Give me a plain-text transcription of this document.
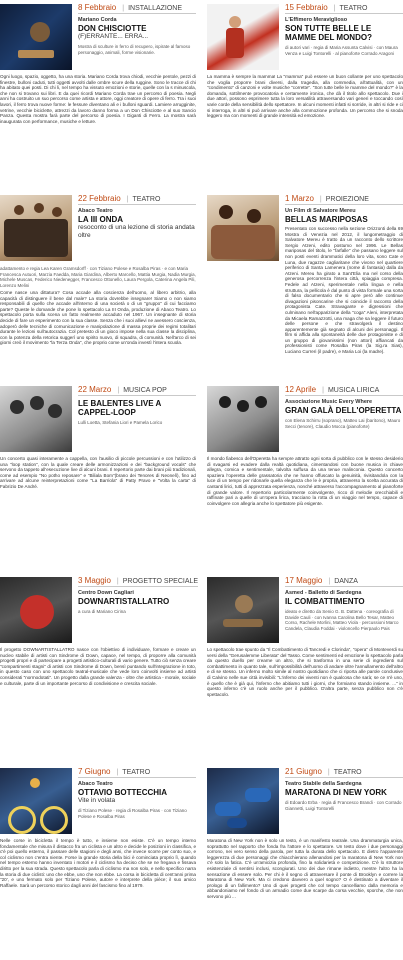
8 Febbraio | INSTALLAZIONE
Mariano Corda
DON CHISCIOTTE
(F)ERRANTE... ERRA...
Mostra di sculture in ferro di recupero, ispirate al famoso personaggio, animali, forme visionarie.
Ogni luogo, spazio, oggetto, ha una storia. Mariano Corda trova chiodi, vecchie pentole, pezzi di finestre, bulloni caduti, tutti oggetti avvolti dalle ombre scure della ruggine. Sono le tracce di chi ha abitato quei posti. Di chi li, nel tempo ha vissuto emozioni e storie, quelle con la s minuscola, che non si trovano sui libri. E da quei ricordi Mariano Corda trae un percorso di poesia. Negli anni ha costruito un suo percorso come artista e attore, oggi creatore di opere di ferro. Tra i suoi lavori, il ferro trova nuove forme: le fessure diventano ali e i bulloni sguardi. Lamiere arrugginite, vetrine, vecchie biciclette, attrezzi da lavoro danno forma a un Don Chisciotte e al suo Sancio Panza. Questa mostra farà parte del percorso di poesia. I Giganti di Ferro. La mostra sarà inaugurata con performance, musiche e letture.
15 Febbraio | TEATRO
L'Effimero Meraviglioso
SON TUTTE BELLE LE MAMME DEL MONDO?
di autori vari · regia di Maria Assunta Calvisi · con Maura Venza e Luigi Tontorelli · al pianoforte Corrado Aragoni
La mamma è sempre la mamma! La "mamma" può essere un buon collante per uno spettacolo che voglia proporre brani diversi, dalla tragedia, alla commedia, all'attualità, con un "condimento" di canzoni e volte musiche "corrette". "Son tutte belle le mamme del mondo?" è la domanda, sottilmente provocatoria e certamente ironica, che dà il titolo allo spettacolo. Due i due attori, possono esprimere tutta la loro versatilità attraversando vari generi e toccando così varie corde della sensibilità dello spettatore. In alcuni momenti infatti si sorride, in altri si ride e ci si interroga, in altri si può arrivare anche alla commozione profonda. Un percorso che si snoda leggero ma con momenti di grande intensità ed emozione.
22 Febbraio | TEATRO
Abaco Teatro
LA III ONDA
resoconto di una lezione di storia andata oltre
adattamento e regia Lea Karen Gramsdorff · con Tiziano Polese e Rosalba Piras · e con Maria Francesca Autuori, Marzia Faedda, Maria Giardina, Alberto Marcello, Mattia Murgia, Nadia Murgia, Michele Muscas, Federico Niedenegger, Francesco Ottonello, Laura Pergola, Caterina Angela Pili, Lorenzo Melini
Come nasce una dittatura? Cosa accade alla coscienza dell'uomo, al libero arbitrio, alla capacità di distinguere il bene dal male? La storia dovrebbe insegnare! Siamo o non siamo responsabili di quello che accade all'interno di una società o di un "gruppo" di cui facciamo parte? Queste le domande che pone lo spettacolo La III Onda, produzione di Abaco Teatro. Lo spettacolo porta sulla scena un fatto realmente accaduto nel 1967. Un insegnante di storia decide di fare un esperimento con la sua classe. Senza che i suoi allievi ne avessero coscienza, adoperò delle tecniche di comunicazione e manipolazione di massa proprie dei regimi totalitari durante le lezioni sull'autocrazia. Col pretesto di un gioco impose nella sua classe la disciplina, con la potenza della retorica suggerì uno spirito nuovo, di squadra, di comunità. Nell'arco di sei giorni creò il movimento "la Terza Onda", che proprio come un'onda investì l'intera scuola.
1 Marzo | PROIEZIONE
Un Film di Salvatore Mereu
BELLAS MARIPOSAS
Presentato con successo nella sezione Orizzonti della 69 Mostra di Venezia nel 2012, il lungometraggio di Salvatore Mereu è tratto da un racconto dello scrittore Sergio Atzeni, edito postumo nel 1996. Le Bellas mariposas del titolo, le "farfalle" che passano leggere sul non posti eventi drammatici della loro vita, sono Cate e Luna, due ragazze cagliaritane che vivono nel quartiere periferico di Santa Lamenera (nome di fantasia) dalla da Atzeni. Mereu ha girato a Sant'Elia ma nel corso della generosa percorrenza l'intera città, spiaggia compresa. Fedele ad Atzeni, sperimentale nella lingua e nella struttura, la pellicola è dal punto di vista formale una sorta di falso documentario che si apre però alle continue divagazioni pisoncarine che si coincide il racconto della protagonista Cate. Stravagante e digressioni che culminano nell'apparizione della "coga" Aleni, interpretata da Micaela Ramazzotti, una maga che sa leggere il futuro delle persone e che stravolgerà il destino apparentemente già segnato di alcuni dei personaggi. Il film si affida alla spontaneità delle due protagoniste e di un gruppo di giovanissimi (non attori) affiancati da professionisti come Rosalba Piras (la Sig.ra Sias), Luciano Curreri (il padre), e Maria Loi (la madre).
22 Marzo | MUSICA POP
LE BALENTES LIVE A CAPPEL-LOOP
Lulli Loetta, Stefania Liori e Pamela Lorico
Un concerto quasi interamente a cappella, con l'ausilio di piccole percussioni e con l'utilizzo di una "loop station", con la quale creare delle armonizzazioni e dei "background vocals" che servono da tappeto all'esecuzione live di alcuni brani. Il repertorio parte dai brani più tradizionali, come ad esempio "No potho reposare" e "Biliala Bom"(brano dei Tenores di Neonelì), fino ad arrivare ad alcune reinterpretazioni come "La Barriola" di Patty Pravo e "Volta la carta" di Fabrizio De André.
12 Aprile | MUSICA LIRICA
Associazione Music Every Where
GRAN GALÀ DELL'OPERETTA
con Elena Schirru (soprano), Matteo Lai (baritono), Mauro Secci (tenore), Claudio Mocca (pianoforte)
Il mondo fiabesco dell'Operetta ha sempre attratto ogni sorta di pubblico con le stesso desiderio di svagarsi ed evadere dalla realtà quotidiana, cimentandosi con buone musica in chiave allegra, comica e sentimentale, talvolta suffusa da una tenue malinconia. Questo concerto spaziera l'operetta delle grassatoria che ne hanno offuscato la genuinità, rivisitandola con la luce di un tempo per ridonarle quella eleganza che le è propria, attraverso la scelta accurata di cantanti lirici, tutti di apprezzata esperienza, nonché attraverso l'accompagnamento al pianoforte di grande valore. Il repertorio particolarmente coinvolgente, ricco di melodie orecchiabili e raffinate pari a quelle di un'opera lirica, tracciano la rotta di un viaggio nel tempo, capace di coinvolgere con allegria anche lo spettatore più esigente.
3 Maggio | PROGETTO SPECIALE
Centro Down Cagliari
DOWNARTISTALLATRO
a cura di Mariano Cirina
Il progetto DOWNARTISTALLATRO nasce con l'obiettivo di individuare, formare e creare un nucleo stabile di artisti con Sindrome di Down, capace, nel tempo, di proporre alla comunità progetti propri e di partecipare a progetti artistico-culturali di vario genere. Tutto ciò senza creare "compartimenti stagni" di artisti con Sindrome di Down, bensì puntando sull'integrazione in toto, in questo caso con uno spettacolo teatral-musicale che vede loro coinvolti insieme ad artisti considerati "normodotati". Un progetto dalla grande valenza - oltre che artistica - morale, sociale e culturale, parte di un importante percorso di condivisione e crescita sociale.
17 Maggio | DANZA
Asmed - Balletto di Sardegna
IL COMBATTIMENTO
ideato e diretto da Senio G. B. Dattena · coreografia di Davide Cauli · con Ivanna Carolina Bello Tesar, Matteo Corso, Rachele Morlini, Matteo Viola · percussioni Marco Candela, Claudia Foddai · violoncello Pierpaolo Pais
Lo spettacolo trae spunto da "Il Combattimento di Tancredi e Clorinda", "opera" di Monteverdi su versi della "Gerusalemme Liberata" del Tasso. Come sentimenti ed emozione lo spettacolo parla da questo duello per crearne un altro, che si trasforma in una serie di ingredienti sul combattimento in quanto tale, sull'impossibilità dell'uomo di andare oltre l'annullamento dell'altro e di se stesso. Un inferno molto simile al nostro quotidiano che ci riporta alle parole conclusive di Calvino nelle sue città invisibili: "L'inferno dei viventi non è qualcosa che sarà; se ce n'è uno, è quello che è già qui, l'inferno che abitiamo tutti i giorni, che formiamo stando insieme. ..." in questo inferno c'è un ruolo anche per il pubblico. D'altra parte, senza pubblico non c'è spettacolo.
7 Giugno | TEATRO
Abaco Teatro
OTTAVIO BOTTECCHIA
Vite in volata
di Tiziano Polese · regia di Rosalba Piras · con Tiziano Polese e Rosalba Piras
Nelle corse in bicicletta il tempo è tutto, e insieme non esiste. C'è un tempo interno fondamentale che misura il distacco fra un ciclista e un altro e decide le posizioni in classifica, e c'è poi quello esterno, il passare delle stagioni e degli anni, che invece scorre per conto suo, e col ciclismo non c'entra niente. Forse la grande storia della bici è cominciata proprio lì, quando nel tempo esterno hanno inventato i motori e il ciclismo ha deciso che se ne fregava e fissava diritto per la sua strada. Questo spettacolo parla di ciclismo ma non solo, e nello specifico narra la storia di due ciclisti: uno che ebbe, uno che non ebbe. La corsa in bicicletta di cent'anni prima "20', e uno fermato solo per Tiziano Polese, autore e interprete della pièce; il suo amico Raffaele. Sarà un percorso storico dagli anni del fascismo fino al 1979.
21 Giugno | TEATRO
Teatro Stabile della Sardegna
MARATONA DI NEW YORK
di Edoardo Erba · regia di Francesco Brandi · con Corrado Giannetti, Luigi Tontorelli
Maratona di New York non è solo un testo, è un manifesto teatrale. Una drammaturgia unica, soprattutto nel rapporto che fonda fra l'attore e lo spettatore. Un testo dove i due personaggi corrono, nei vero senso della parola, per tutta la durata dello spettacolo. E dietro l'apparente leggerezza di due personaggi che chiacchierano allenandosi per la maratona di New York non c'è solo la fatica. C'è un'amicizia profonda, fino la solidarietà e competizione. C'è lo struttore esistenziale di sentirsi inclusi, scongiurati. Uno dei due rimane indietro, mentre l'altro ha la sensazione di essere solo. Per chi è il segno di attraversare il ponte di Brooklyn e correre la Maratona di New York. Ma ci credono davvero a quel sogno? O è destinato a diventare il prologo di un fallimento? Uno di quei progetti che col tempo cancelliamo dalla memoria e abbandoniamo nel fondo di un armadio come due scarpe da corsa vecchie, sporche, che non servono più ...
